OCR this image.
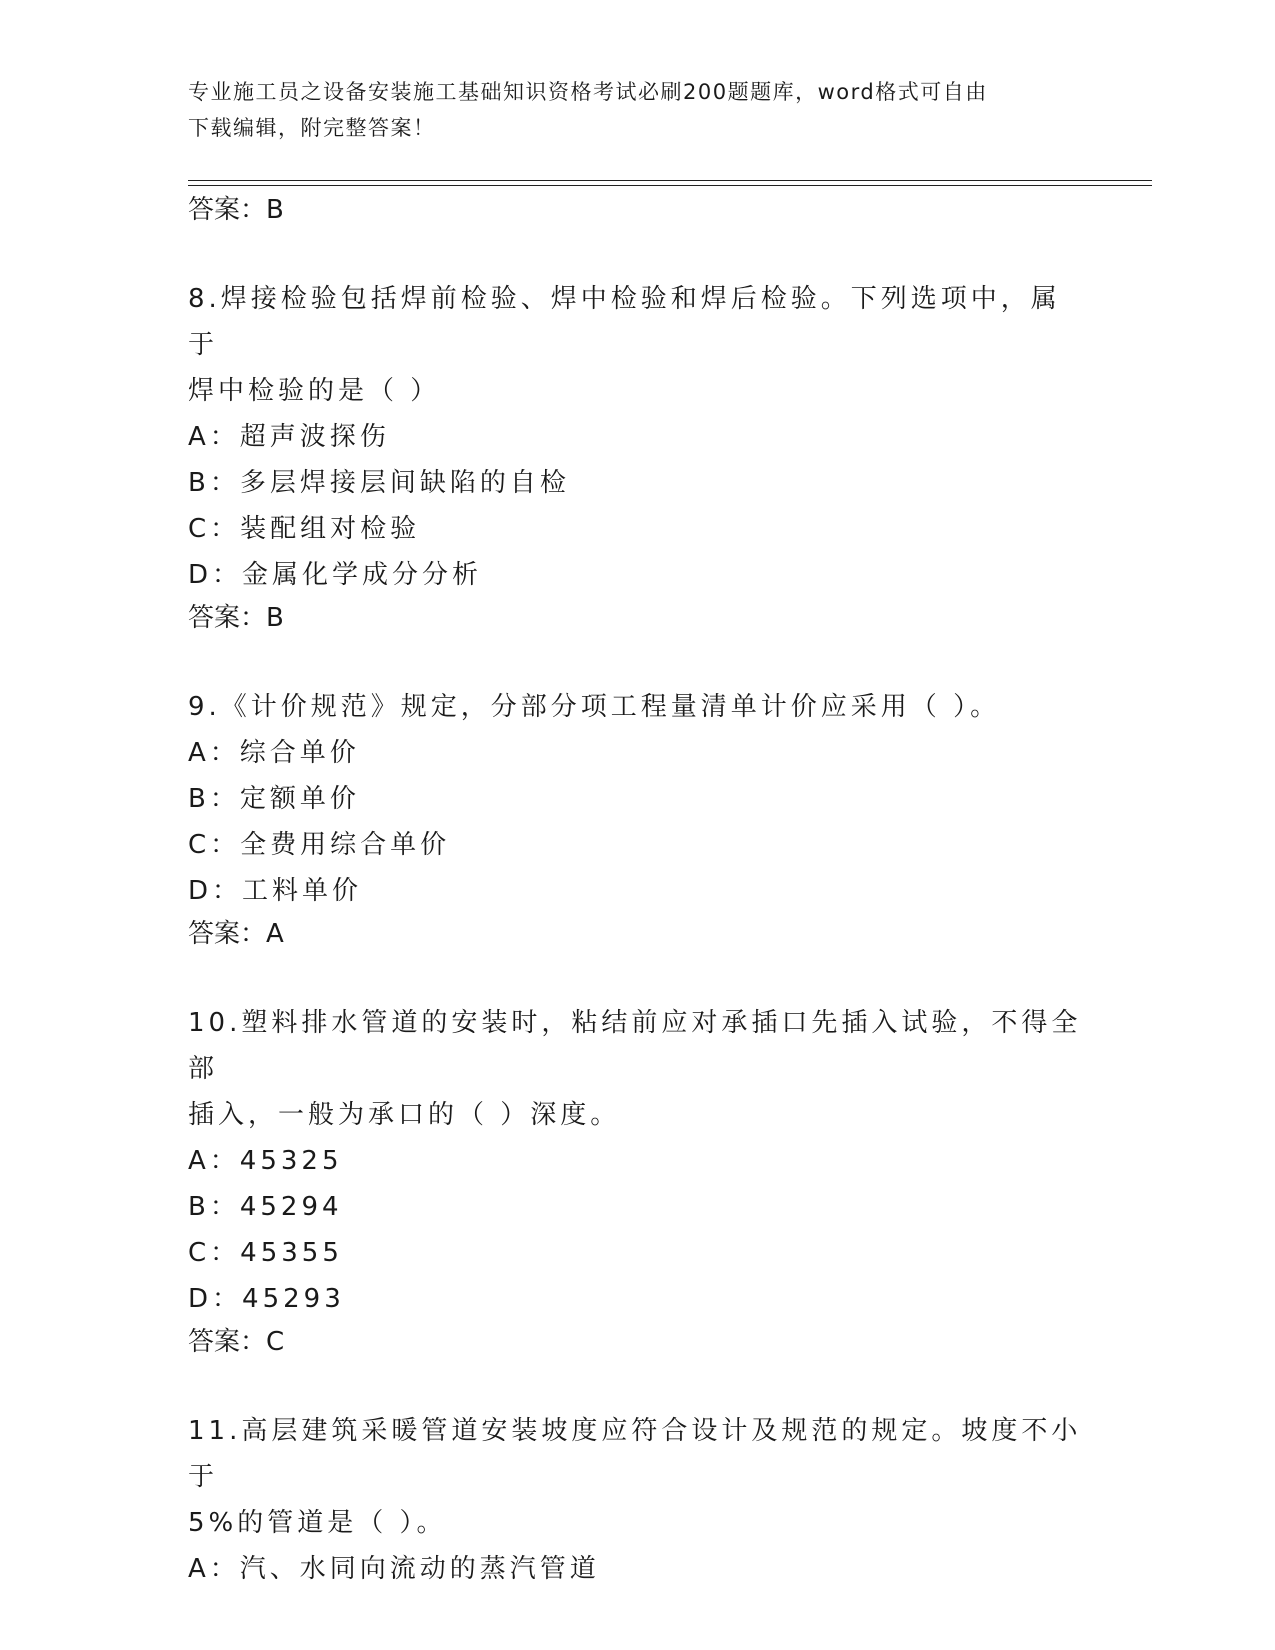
专业施工员之设备安装施工基础知识资格考试必刷200题题库，word格式可自由
下载编辑，附完整答案！

答案：B

8.焊接检验包括焊前检验、焊中检验和焊后检验。下列选项中，属于

焊中检验的是（ ）

A：超声波探伤

B：多层焊接层间缺陷的自检

C：装配组对检验

D：金属化学成分分析

答案：B

9.《计价规范》规定，分部分项工程量清单计价应采用（ ）。

A：综合单价

B：定额单价

C：全费用综合单价

D：工料单价

答案：A

10.塑料排水管道的安装时，粘结前应对承插口先插入试验，不得全部

插入，一般为承口的（ ）深度。

A：45325

B：45294

C：45355

D：45293

答案：C

11.高层建筑采暖管道安装坡度应符合设计及规范的规定。坡度不小于

5%的管道是（ ）。

A：汽、水同向流动的蒸汽管道
